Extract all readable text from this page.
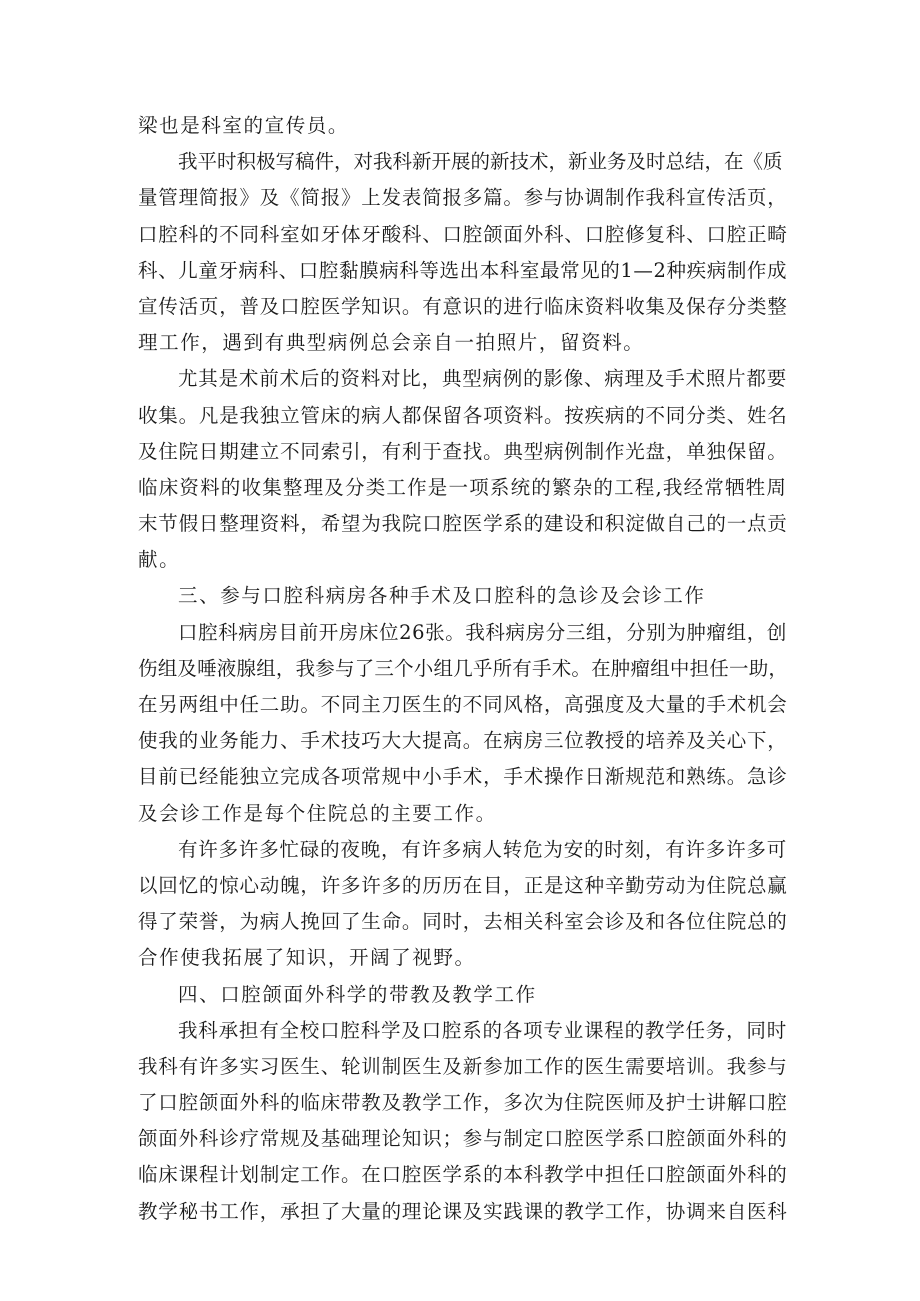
梁也是科室的宣传员。
我平时积极写稿件，对我科新开展的新技术，新业务及时总结，在《质
量管理简报》及《简报》上发表简报多篇。参与协调制作我科宣传活页，
口腔科的不同科室如牙体牙酸科、口腔颌面外科、口腔修复科、口腔正畸
科、儿童牙病科、口腔黏膜病科等选出本科室最常见的1—2种疾病制作成
宣传活页，普及口腔医学知识。有意识的进行临床资料收集及保存分类整
理工作，遇到有典型病例总会亲自一拍照片，留资料。
尤其是术前术后的资料对比，典型病例的影像、病理及手术照片都要
收集。凡是我独立管床的病人都保留各项资料。按疾病的不同分类、姓名
及住院日期建立不同索引，有利于查找。典型病例制作光盘，单独保留。
临床资料的收集整理及分类工作是一项系统的繁杂的工程,我经常牺牲周
末节假日整理资料，希望为我院口腔医学系的建设和积淀做自己的一点贡
献。
三、参与口腔科病房各种手术及口腔科的急诊及会诊工作
口腔科病房目前开房床位26张。我科病房分三组，分别为肿瘤组，创
伤组及唾液腺组，我参与了三个小组几乎所有手术。在肿瘤组中担任一助，
在另两组中任二助。不同主刀医生的不同风格，高强度及大量的手术机会
使我的业务能力、手术技巧大大提高。在病房三位教授的培养及关心下，
目前已经能独立完成各项常规中小手术，手术操作日渐规范和熟练。急诊
及会诊工作是每个住院总的主要工作。
有许多许多忙碌的夜晚，有许多病人转危为安的时刻，有许多许多可
以回忆的惊心动魄，许多许多的历历在目，正是这种辛勤劳动为住院总赢
得了荣誉，为病人挽回了生命。同时，去相关科室会诊及和各位住院总的
合作使我拓展了知识，开阔了视野。
四、口腔颌面外科学的带教及教学工作
我科承担有全校口腔科学及口腔系的各项专业课程的教学任务，同时
我科有许多实习医生、轮训制医生及新参加工作的医生需要培训。我参与
了口腔颌面外科的临床带教及教学工作，多次为住院医师及护士讲解口腔
颌面外科诊疗常规及基础理论知识；参与制定口腔医学系口腔颌面外科的
临床课程计划制定工作。在口腔医学系的本科教学中担任口腔颌面外科的
教学秘书工作，承担了大量的理论课及实践课的教学工作，协调来自医科
